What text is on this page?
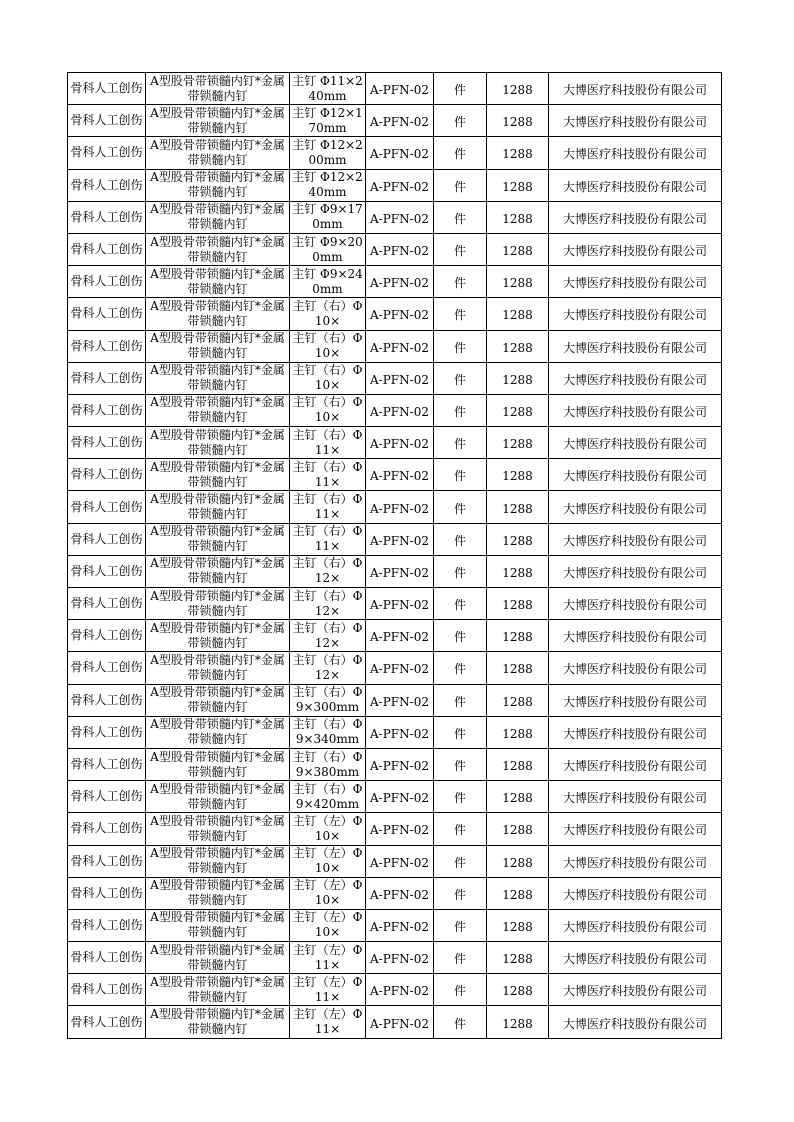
骨科人工创伤	A型股骨带锁髓内钉*金属带锁髓内钉	主钉 Φ11×240mm	A-PFN-02	件	1288	大博医疗科技股份有限公司

骨科人工创伤	A型股骨带锁髓内钉*金属带锁髓内钉	主钉 Φ12×170mm	A-PFN-02	件	1288	大博医疗科技股份有限公司

骨科人工创伤	A型股骨带锁髓内钉*金属带锁髓内钉	主钉 Φ12×200mm	A-PFN-02	件	1288	大博医疗科技股份有限公司

骨科人工创伤	A型股骨带锁髓内钉*金属带锁髓内钉	主钉 Φ12×240mm	A-PFN-02	件	1288	大博医疗科技股份有限公司

骨科人工创伤	A型股骨带锁髓内钉*金属带锁髓内钉	主钉 Φ9×170mm	A-PFN-02	件	1288	大博医疗科技股份有限公司

骨科人工创伤	A型股骨带锁髓内钉*金属带锁髓内钉	主钉 Φ9×200mm	A-PFN-02	件	1288	大博医疗科技股份有限公司

骨科人工创伤	A型股骨带锁髓内钉*金属带锁髓内钉	主钉 Φ9×240mm	A-PFN-02	件	1288	大博医疗科技股份有限公司

骨科人工创伤	A型股骨带锁髓内钉*金属带锁髓内钉	主钉（右）Φ10×	A-PFN-02	件	1288	大博医疗科技股份有限公司

骨科人工创伤	A型股骨带锁髓内钉*金属带锁髓内钉	主钉（右）Φ10×	A-PFN-02	件	1288	大博医疗科技股份有限公司

骨科人工创伤	A型股骨带锁髓内钉*金属带锁髓内钉	主钉（右）Φ10×	A-PFN-02	件	1288	大博医疗科技股份有限公司

骨科人工创伤	A型股骨带锁髓内钉*金属带锁髓内钉	主钉（右）Φ10×	A-PFN-02	件	1288	大博医疗科技股份有限公司

骨科人工创伤	A型股骨带锁髓内钉*金属带锁髓内钉	主钉（右）Φ11×	A-PFN-02	件	1288	大博医疗科技股份有限公司

骨科人工创伤	A型股骨带锁髓内钉*金属带锁髓内钉	主钉（右）Φ11×	A-PFN-02	件	1288	大博医疗科技股份有限公司

骨科人工创伤	A型股骨带锁髓内钉*金属带锁髓内钉	主钉（右）Φ11×	A-PFN-02	件	1288	大博医疗科技股份有限公司

骨科人工创伤	A型股骨带锁髓内钉*金属带锁髓内钉	主钉（右）Φ11×	A-PFN-02	件	1288	大博医疗科技股份有限公司

骨科人工创伤	A型股骨带锁髓内钉*金属带锁髓内钉	主钉（右）Φ12×	A-PFN-02	件	1288	大博医疗科技股份有限公司

骨科人工创伤	A型股骨带锁髓内钉*金属带锁髓内钉	主钉（右）Φ12×	A-PFN-02	件	1288	大博医疗科技股份有限公司

骨科人工创伤	A型股骨带锁髓内钉*金属带锁髓内钉	主钉（右）Φ12×	A-PFN-02	件	1288	大博医疗科技股份有限公司

骨科人工创伤	A型股骨带锁髓内钉*金属带锁髓内钉	主钉（右）Φ12×	A-PFN-02	件	1288	大博医疗科技股份有限公司

骨科人工创伤	A型股骨带锁髓内钉*金属带锁髓内钉	主钉（右）Φ9×300mm	A-PFN-02	件	1288	大博医疗科技股份有限公司

骨科人工创伤	A型股骨带锁髓内钉*金属带锁髓内钉	主钉（右）Φ9×340mm	A-PFN-02	件	1288	大博医疗科技股份有限公司

骨科人工创伤	A型股骨带锁髓内钉*金属带锁髓内钉	主钉（右）Φ9×380mm	A-PFN-02	件	1288	大博医疗科技股份有限公司

骨科人工创伤	A型股骨带锁髓内钉*金属带锁髓内钉	主钉（右）Φ9×420mm	A-PFN-02	件	1288	大博医疗科技股份有限公司

骨科人工创伤	A型股骨带锁髓内钉*金属带锁髓内钉	主钉（左）Φ10×	A-PFN-02	件	1288	大博医疗科技股份有限公司

骨科人工创伤	A型股骨带锁髓内钉*金属带锁髓内钉	主钉（左）Φ10×	A-PFN-02	件	1288	大博医疗科技股份有限公司

骨科人工创伤	A型股骨带锁髓内钉*金属带锁髓内钉	主钉（左）Φ10×	A-PFN-02	件	1288	大博医疗科技股份有限公司

骨科人工创伤	A型股骨带锁髓内钉*金属带锁髓内钉	主钉（左）Φ10×	A-PFN-02	件	1288	大博医疗科技股份有限公司

骨科人工创伤	A型股骨带锁髓内钉*金属带锁髓内钉	主钉（左）Φ11×	A-PFN-02	件	1288	大博医疗科技股份有限公司

骨科人工创伤	A型股骨带锁髓内钉*金属带锁髓内钉	主钉（左）Φ11×	A-PFN-02	件	1288	大博医疗科技股份有限公司

骨科人工创伤	A型股骨带锁髓内钉*金属带锁髓内钉	主钉（左）Φ11×	A-PFN-02	件	1288	大博医疗科技股份有限公司
